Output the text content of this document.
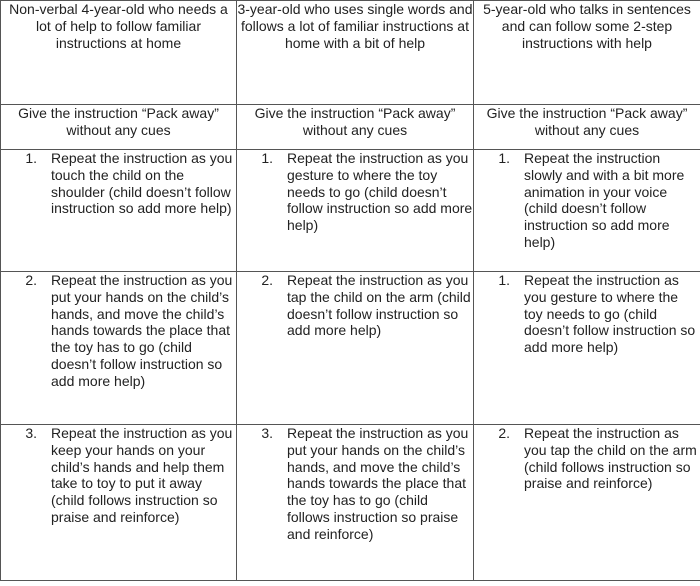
Non-verbal 4-year-old who needs a lot of help to follow familiar instructions at home	3-year-old who uses single words and follows a lot of familiar instructions at home with a bit of help	5-year-old who talks in sentences and can follow some 2-step instructions with help
Give the instruction “Pack away” without any cues	Give the instruction “Pack away” without any cues	Give the instruction “Pack away” without any cues

1. Repeat the instruction as you touch the child on the shoulder (child doesn’t follow instruction so add more help)	1. Repeat the instruction as you gesture to where the toy needs to go (child doesn’t follow instruction so add more help)	1. Repeat the instruction slowly and with a bit more animation in your voice (child doesn’t follow instruction so add more help)

2. Repeat the instruction as you put your hands on the child’s hands, and move the child’s hands towards the place that the toy has to go (child doesn’t follow instruction so add more help)	2. Repeat the instruction as you tap the child on the arm (child doesn’t follow instruction so add more help)	1. Repeat the instruction as you gesture to where the toy needs to go (child doesn’t follow instruction so add more help)

3. Repeat the instruction as you keep your hands on your child’s hands and help them take to toy to put it away (child follows instruction so praise and reinforce)	3. Repeat the instruction as you put your hands on the child’s hands, and move the child’s hands towards the place that the toy has to go (child follows instruction so praise and reinforce)	2. Repeat the instruction as you tap the child on the arm (child follows instruction so praise and reinforce)
